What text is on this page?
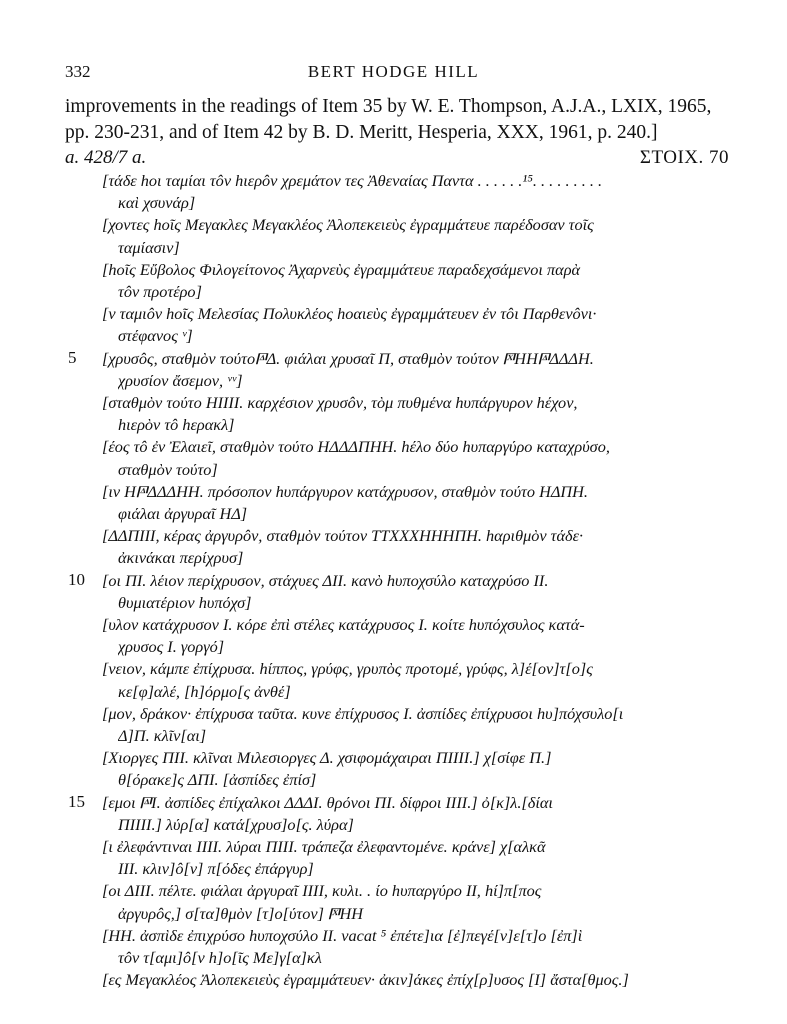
332	BERT HODGE HILL
improvements in the readings of Item 35 by W. E. Thompson, A.J.A., LXIX, 1965, pp. 230-231, and of Item 42 by B. D. Meritt, Hesperia, XXX, 1961, p. 240.]
a. 428/7 a.	ΣΤΟΙΧ. 70
[τάδε hοι ταμίαι τôν hιερôν χρεμάτον τες Ἀθεναίας Παντα . . . . . .¹⁵. . . . . . . . .
καὶ χσυνάρ]
[χοντες hοῖς Μεγακλες Μεγακλέος Ἀλοπεκειεὺς ἐγραμμάτευε παρέδοσαν τοῖς
ταμίασιν]
[hοῖς Εὔβολος Φιλογείτονος Ἀχαρνεὺς ἐγραμμάτευε παραδεχσάμενοι παρὰ
τôν προτέρο]
[ν ταμιôν hοῖς Μελεσίας Πολυκλέος hοαιεὺς ἐγραμμάτευεν ἐν τôι Παρθενôνι·
στέφανος ᵛ]
5 [χρυσôς, σταθμὸν τούτο𐅄Δ. φιάλαι χρυσαῖ Π, σταθμὸν τούτον 𐅆ΗΗ𐅄ΔΔΔΗ.
χρυσίον ἄσεμον, ᵛᵛ]
[σταθμὸν τούτο ΗΙΙΙΙ. καρχέσιον χρυσôν, τὸμ πυθμένα hυπάργυρον hέχον,
hιερὸν τô hερακλ]
[έος τô ἐν Ἐλαιεῖ, σταθμὸν τούτο ΗΔΔΔΠΗΗ. hέλο δύο hυπαργύρο καταχρύσο,
σταθμὸν τούτο]
[ιν Η𐅄ΔΔΔΗΗ. πρόσοπον hυπάργυρον κατάχρυσον, σταθμὸν τούτο ΗΔΠΗ.
φιάλαι ἀργυραῖ ΗΔ]
[ΔΔΠΙΙΙ, κέρας ἀργυρôν, σταθμὸν τούτον ΤΤΧΧΧΗΗΗΠΗ. hαριθμὸν τάδε·
ἀκινάκαι περίχρυσ]
10 [οι ΠΙ. λέιον περίχρυσον, στάχυες ΔΙΙ. κανὸ hυποχσύλο καταχρύσο ΙΙ.
θυμιατέριον hυπόχσ]
[υλον κατάχρυσον Ι. κόρε ἐπὶ στέλες κατάχρυσος Ι. κοίτε hυπόχσυλος κατά-
χρυσος Ι. γοργό]
[νειον, κάμπε ἐπίχρυσα. hίππος, γρύφς, γρυπὸς προτομέ, γρύφς, λ]έ[ον]τ[ο]ς
κε[φ]αλέ, [h]όρμο[ς ἀνθέ]
[μον, δράκον· ἐπίχρυσα ταῦτα. κυνε ἐπίχρυσος Ι. ἀσπίδες ἐπίχρυσοι hυ]πόχσυλο[ι
Δ]Π. κλῖν[αι]
[Χιοργες ΠΙΙ. κλῖναι Μιλεσιοργες Δ. χσιφομάχαιραι ΠΙΙΙΙ.] χ[σίφε Π.]
θ[όρακε]ς ΔΠΙ. [ἀσπίδες ἐπίσ]
15 [εμοι 𐅄Ι. ἀσπίδες ἐπίχαλκοι ΔΔΔΙ. θρόνοι ΠΙ. δίφροι ΙΙΙΙ.] ὀ[κ]λ.[δίαι
ΠΙΙΙΙ.] λύρ[α] κατά[χρυσ]ο[ς. λύρα]
[ι ἐλεφάντιναι ΙΙΙΙ. λύραι ΠΙΙΙ. τράπεζα ἐλεφαντομένε. κράνε] χ[αλκᾶ
ΙΙΙ. κλιν]ô[ν] π[όδες ἐπάργυρ]
[οι ΔΙΙΙ. πέλτε. φιάλαι ἀργυραῖ ΙΙΙΙ, κυλι. . ίο hυπαργύρο ΙΙ, hί]π[πος
ἀργυρôς,] σ[τα]θμὸν [τ]ο[ύτον] 𐅆ΗΗ
[ΗΗ. ἀσπὶδε ἐπιχρύσο hυποχσύλο ΙΙ. vacat ⁵ ἐπέτε]ια [ἐ]πεγέ[ν]ε[τ]ο [ἐπ]ὶ
τôν τ[αμι]ô[ν h]ο[ῖς Με]γ[α]κλ
[ες Μεγακλέος Ἀλοπεκειεὺς ἐγραμμάτευεν· ἀκιν]άκες ἐπίχ[ρ]υσος [Ι] ἄστα[θμος.]
